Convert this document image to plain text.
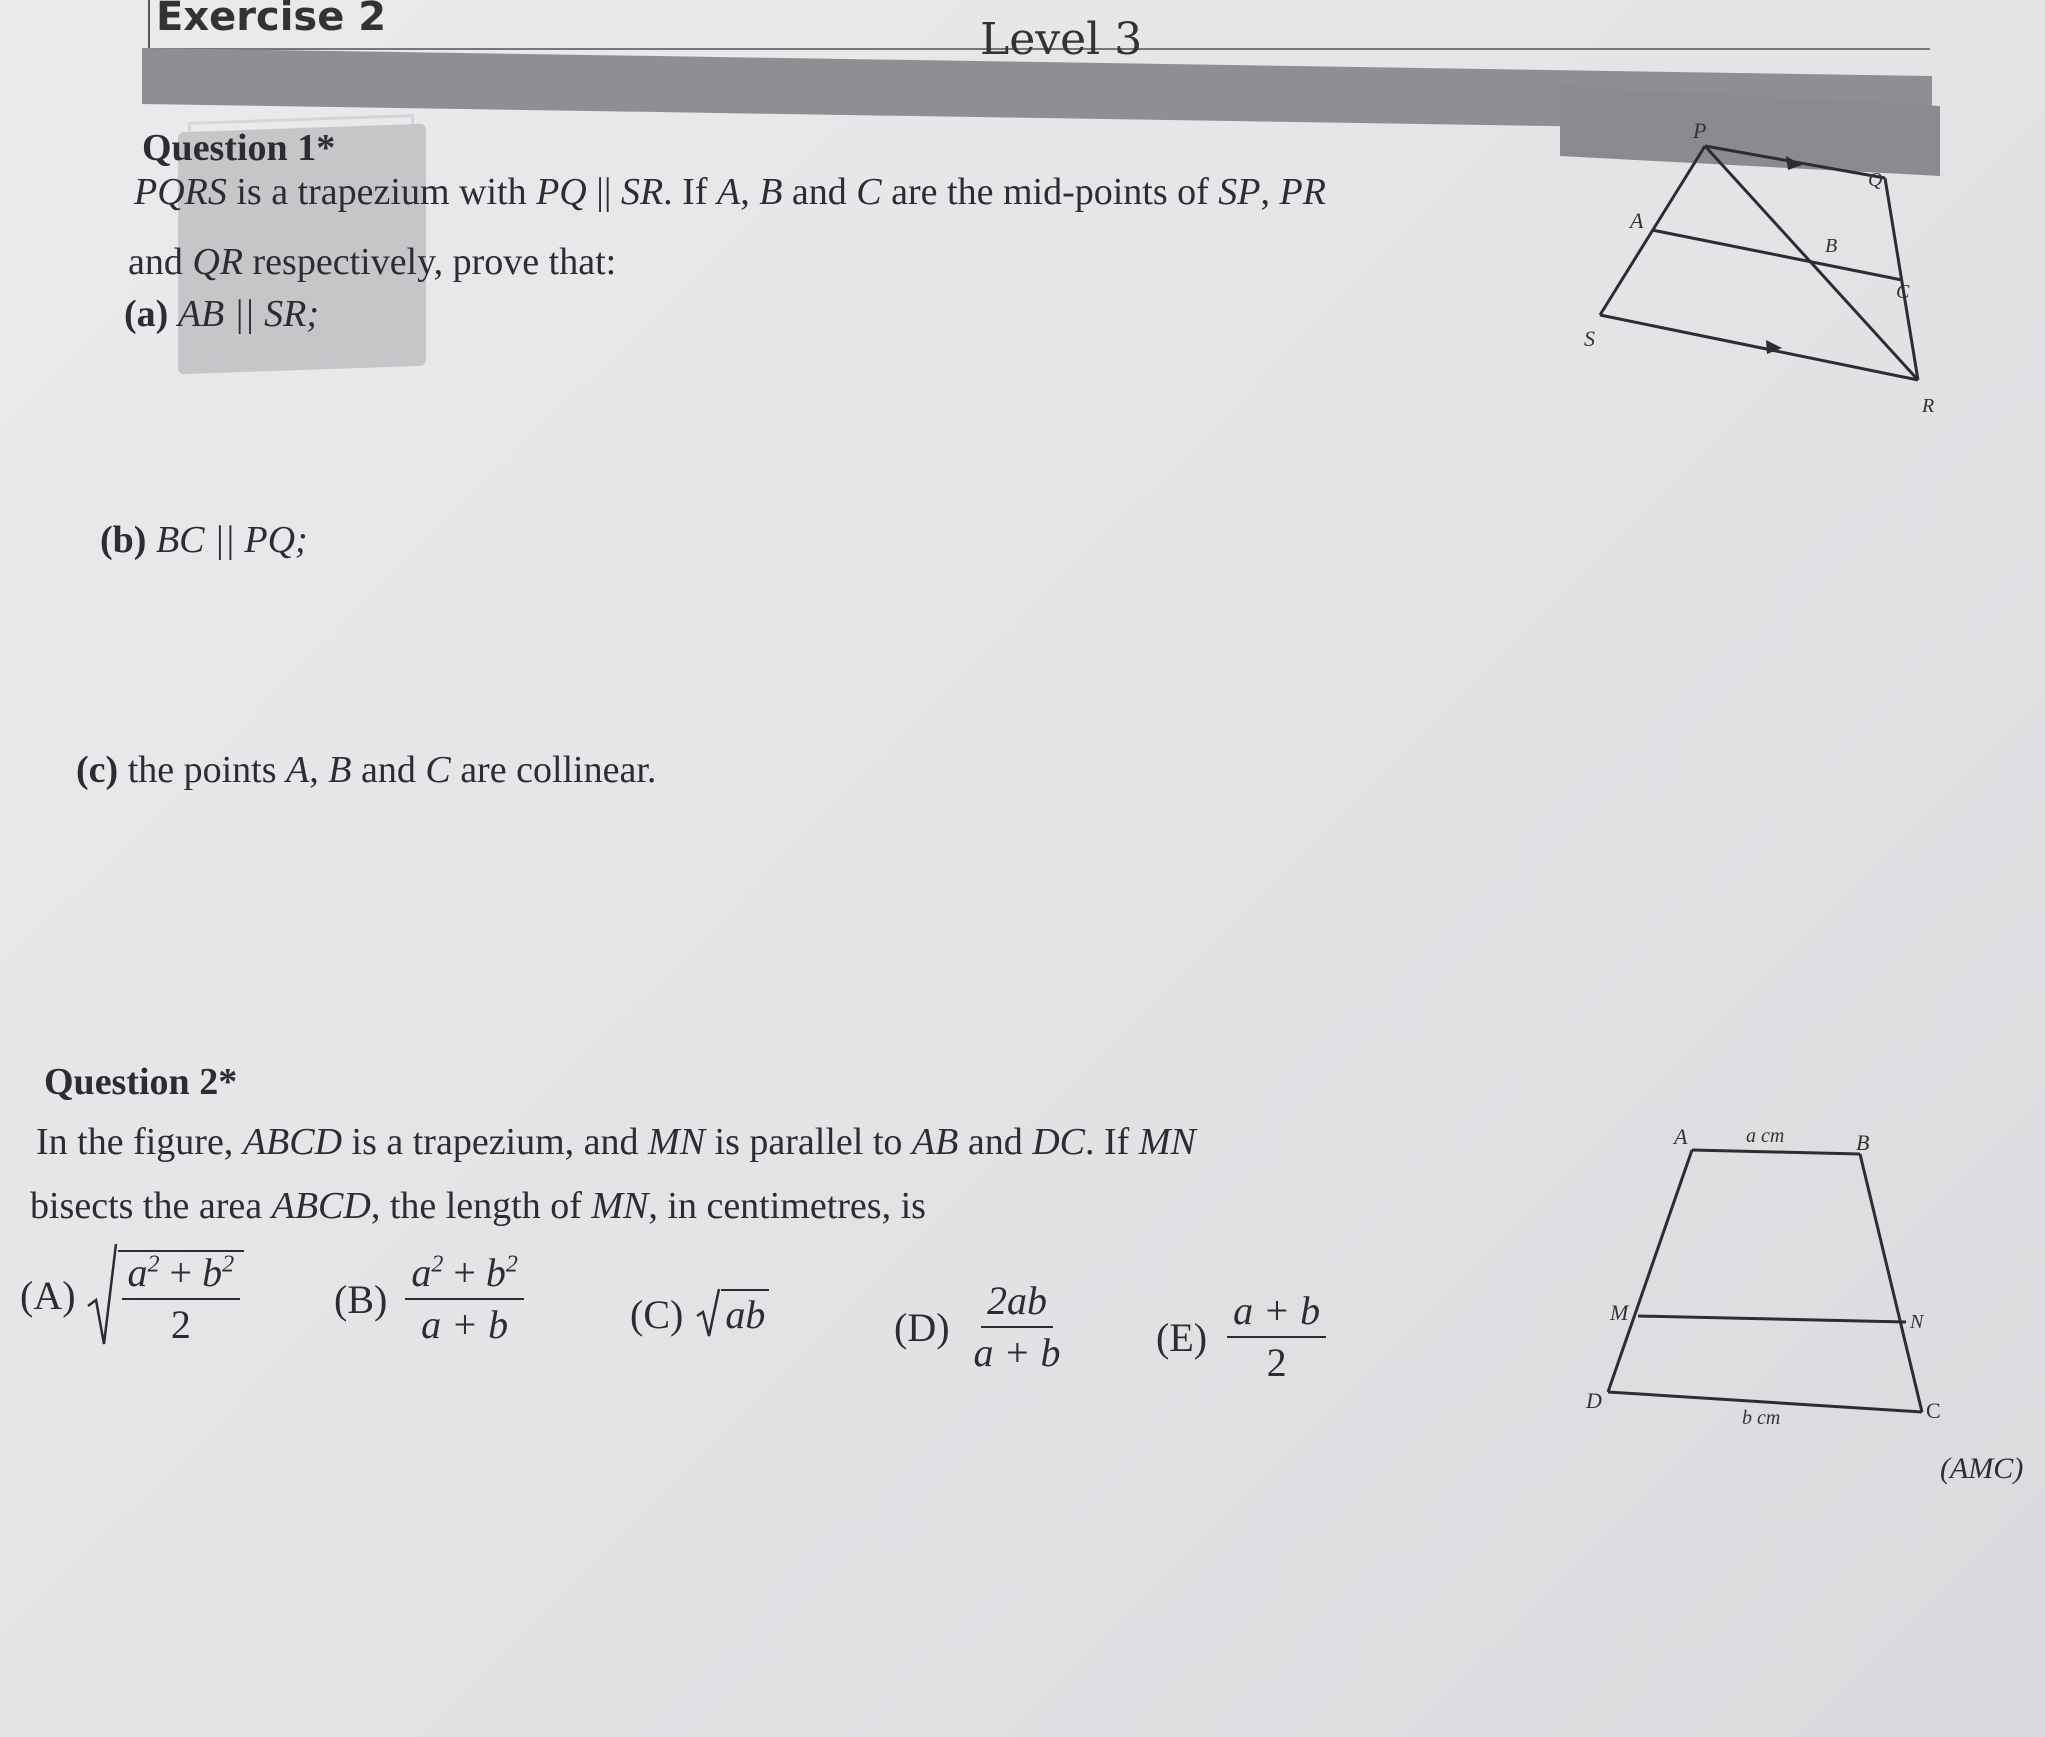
Exercise 2	Level 3
Question 1*
PQRS is a trapezium with PQ || SR. If A, B and C are the mid-points of SP, PR
and QR respectively, prove that:
(a) AB || SR;
(b) BC || PQ;
(c) the points A, B and C are collinear.
P
Q
R
S
A
B
C
Question 2*
In the figure, ABCD is a trapezium, and MN is parallel to AB and DC. If MN
bisects the area ABCD, the length of MN, in centimetres, is
$(A) \frac{a^2 + b^2}{2} (B) \frac{a^2 + b^2}{a + b}$	(C) ab	$(D) \frac{2ab}{a + b} (E) \frac{a + b}{2}$
A	B
C
D
M	N
a cm
b cm
(AMC)
